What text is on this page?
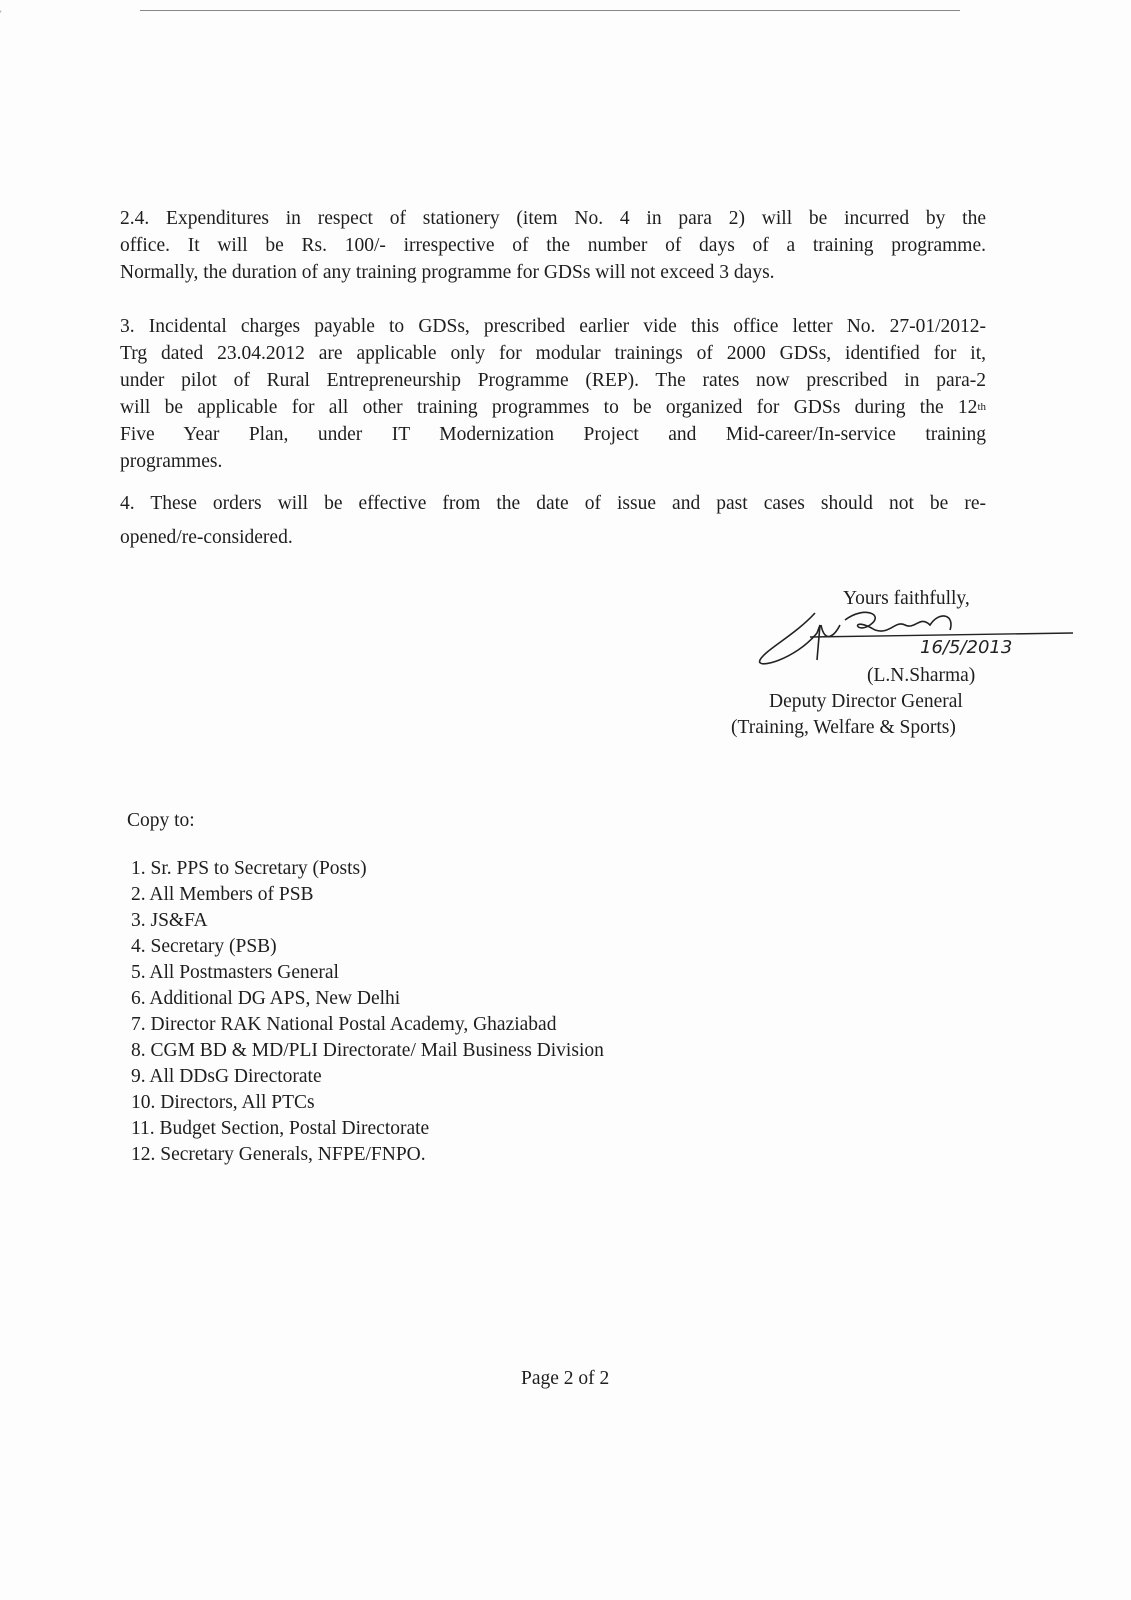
2.4. Expenditures in respect of stationery (item No. 4 in para 2) will be incurred by the
office. It will be Rs. 100/- irrespective of the number of days of a training programme.
Normally, the duration of any training programme for GDSs will not exceed 3 days.
3. Incidental charges payable to GDSs, prescribed earlier vide this office letter No. 27-01/2012-
Trg dated 23.04.2012 are applicable only for modular trainings of 2000 GDSs, identified for it,
under pilot of Rural Entrepreneurship Programme (REP). The rates now prescribed in para-2
will be applicable for all other training programmes to be organized for GDSs during the 12 th
Five Year Plan, under IT Modernization Project and Mid-career/In-service training
programmes.
4. These orders will be effective from the date of issue and past cases should not be re-
opened/re-considered.
Yours faithfully,
16/5/2013
(L.N.Sharma)
Deputy Director General
(Training, Welfare & Sports)
Copy to:
1. Sr. PPS to Secretary (Posts)
2. All Members of PSB
3. JS&FA
4. Secretary (PSB)
5. All Postmasters General
6. Additional DG APS, New Delhi
7. Director RAK National Postal Academy, Ghaziabad
8. CGM BD & MD/PLI Directorate/ Mail Business Division
9. All DDsG Directorate
10. Directors, All PTCs
11. Budget Section, Postal Directorate
12. Secretary Generals, NFPE/FNPO.
Page 2 of 2
